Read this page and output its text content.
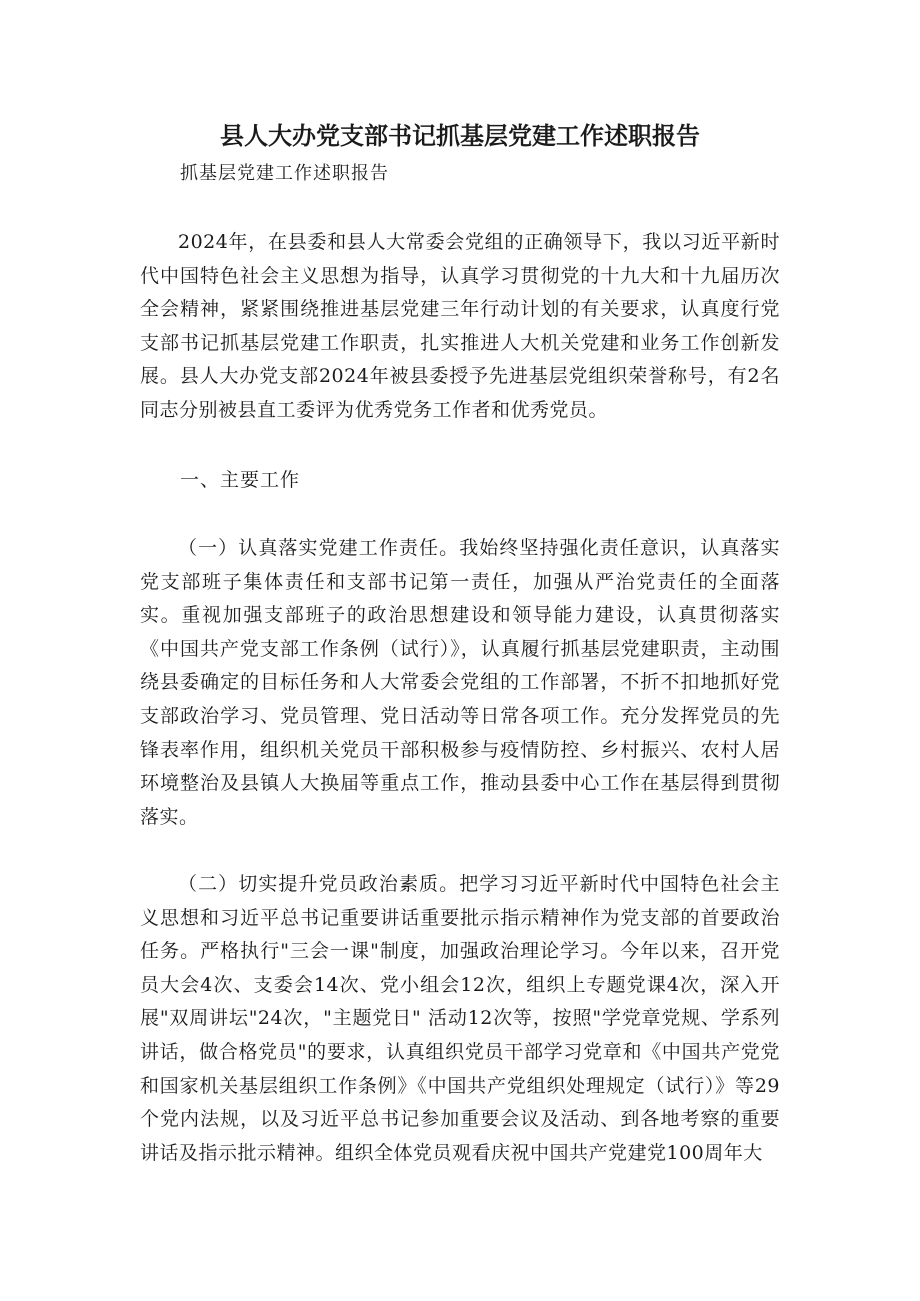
县人大办党支部书记抓基层党建工作述职报告
抓基层党建工作述职报告
2024年，在县委和县人大常委会党组的正确领导下，我以习近平新时代中国特色社会主义思想为指导，认真学习贯彻党的十九大和十九届历次全会精神，紧紧围绕推进基层党建三年行动计划的有关要求，认真度行党支部书记抓基层党建工作职责，扎实推进人大机关党建和业务工作创新发展。县人大办党支部2024年被县委授予先进基层党组织荣誉称号，有2名同志分别被县直工委评为优秀党务工作者和优秀党员。
一、主要工作
（一）认真落实党建工作责任。我始终坚持强化责任意识，认真落实党支部班子集体责任和支部书记第一责任，加强从严治党责任的全面落实。重视加强支部班子的政治思想建设和领导能力建设，认真贯彻落实《中国共产党支部工作条例（试行）》，认真履行抓基层党建职责，主动围绕县委确定的目标任务和人大常委会党组的工作部署，不折不扣地抓好党支部政治学习、党员管理、党日活动等日常各项工作。充分发挥党员的先锋表率作用，组织机关党员干部积极参与疫情防控、乡村振兴、农村人居环境整治及县镇人大换届等重点工作，推动县委中心工作在基层得到贯彻落实。
（二）切实提升党员政治素质。把学习习近平新时代中国特色社会主义思想和习近平总书记重要讲话重要批示指示精神作为党支部的首要政治任务。严格执行"三会一课"制度，加强政治理论学习。今年以来，召开党员大会4次、支委会14次、党小组会12次，组织上专题党课4次，深入开展"双周讲坛"24次，"主题党日" 活动12次等，按照"学党章党规、学系列讲话，做合格党员"的要求，认真组织党员干部学习党章和《中国共产党党和国家机关基层组织工作条例》《中国共产党组织处理规定（试行）》等29个党内法规，以及习近平总书记参加重要会议及活动、到各地考察的重要讲话及指示批示精神。组织全体党员观看庆祝中国共产党建党100周年大
